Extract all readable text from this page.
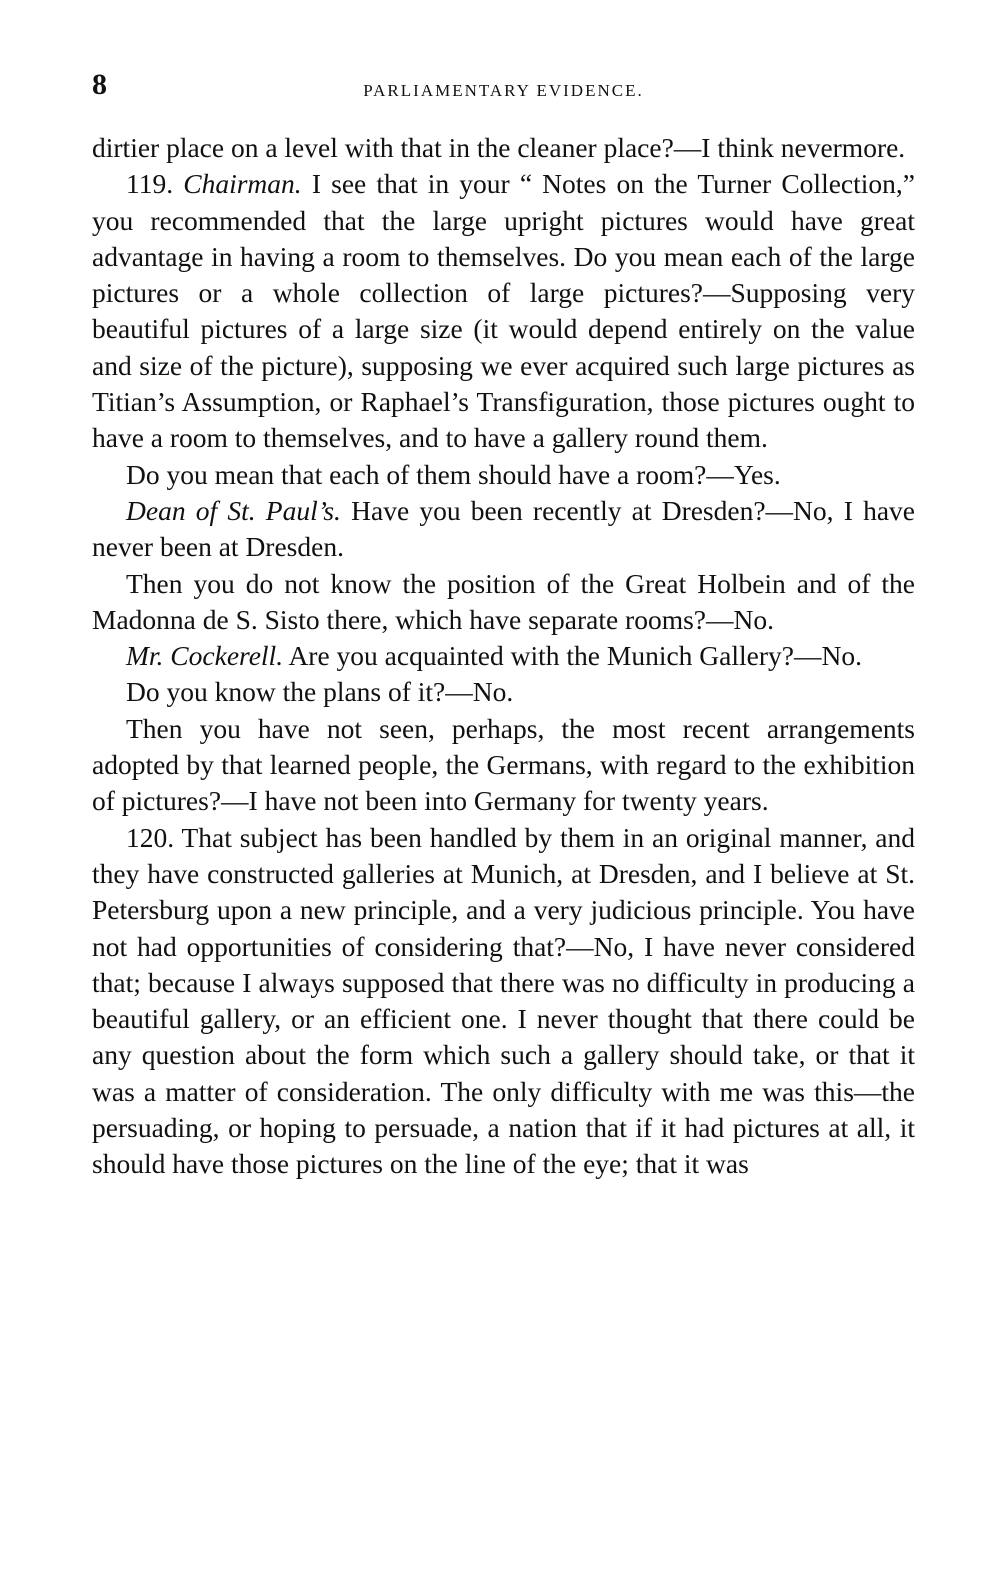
8	PARLIAMENTARY EVIDENCE.

dirtier place on a level with that in the cleaner place?—I think nevermore.

119. Chairman. I see that in your “ Notes on the Turner Collection,” you recommended that the large upright pictures would have great advantage in having a room to themselves. Do you mean each of the large pictures or a whole collection of large pictures?—Supposing very beautiful pictures of a large size (it would depend entirely on the value and size of the picture), supposing we ever acquired such large pictures as Titian’s Assumption, or Raphael’s Transfiguration, those pictures ought to have a room to themselves, and to have a gallery round them.

Do you mean that each of them should have a room?—Yes.

Dean of St. Paul’s. Have you been recently at Dresden?—No, I have never been at Dresden.

Then you do not know the position of the Great Holbein and of the Madonna de S. Sisto there, which have separate rooms?—No.

Mr. Cockerell. Are you acquainted with the Munich Gallery?—No.

Do you know the plans of it?—No.

Then you have not seen, perhaps, the most recent arrangements adopted by that learned people, the Germans, with regard to the exhibition of pictures?—I have not been into Germany for twenty years.

120. That subject has been handled by them in an original manner, and they have constructed galleries at Munich, at Dresden, and I believe at St. Petersburg upon a new principle, and a very judicious principle. You have not had opportunities of considering that?—No, I have never considered that; because I always supposed that there was no difficulty in producing a beautiful gallery, or an efficient one. I never thought that there could be any question about the form which such a gallery should take, or that it was a matter of consideration. The only difficulty with me was this—the persuading, or hoping to persuade, a nation that if it had pictures at all, it should have those pictures on the line of the eye; that it was
